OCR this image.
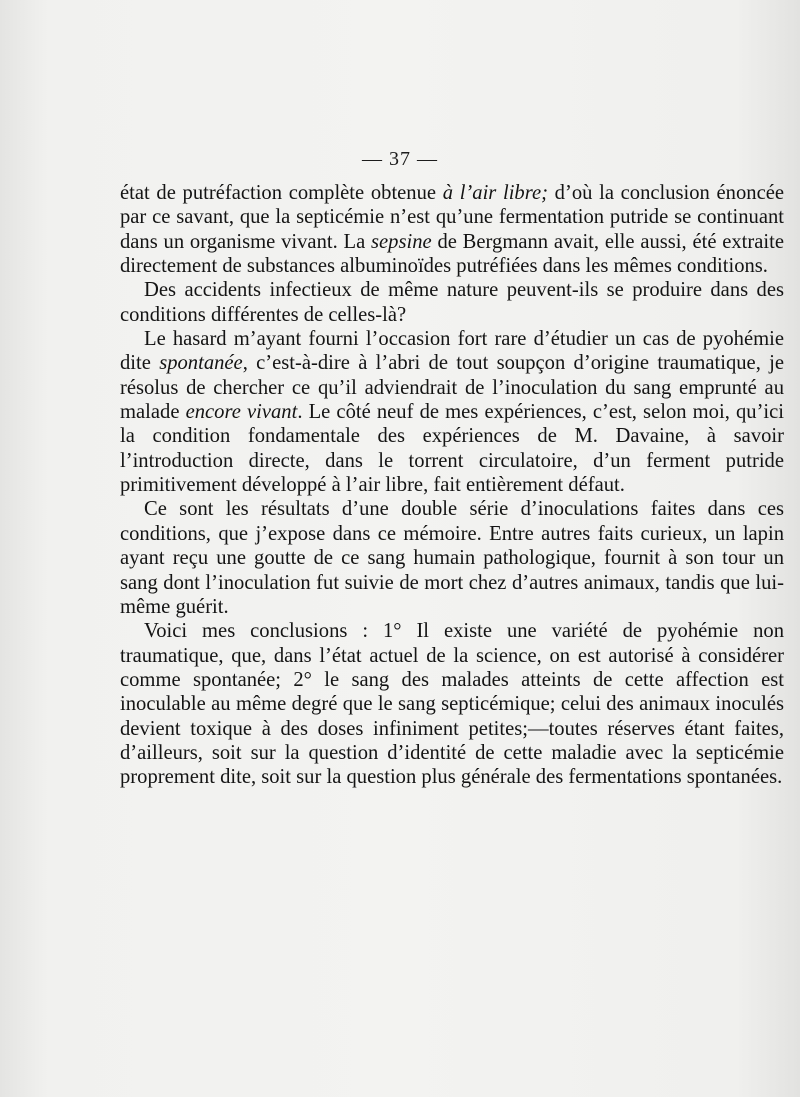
— 37 —

état de putréfaction complète obtenue à l’air libre; d’où la conclusion énoncée par ce savant, que la septicémie n’est qu’une fermentation putride se continuant dans un organisme vivant. La sepsine de Bergmann avait, elle aussi, été extraite directement de substances albuminoïdes putréfiées dans les mêmes conditions.

Des accidents infectieux de même nature peuvent-ils se produire dans des conditions différentes de celles-là?

Le hasard m’ayant fourni l’occasion fort rare d’étudier un cas de pyohémie dite spontanée, c’est-à-dire à l’abri de tout soupçon d’origine traumatique, je résolus de chercher ce qu’il adviendrait de l’inoculation du sang emprunté au malade encore vivant. Le côté neuf de mes expériences, c’est, selon moi, qu’ici la condition fondamentale des expériences de M. Davaine, à savoir l’introduction directe, dans le torrent circulatoire, d’un ferment putride primitivement développé à l’air libre, fait entièrement défaut.

Ce sont les résultats d’une double série d’inoculations faites dans ces conditions, que j’expose dans ce mémoire. Entre autres faits curieux, un lapin ayant reçu une goutte de ce sang humain pathologique, fournit à son tour un sang dont l’inoculation fut suivie de mort chez d’autres animaux, tandis que lui-même guérit.

Voici mes conclusions : 1° Il existe une variété de pyohémie non traumatique, que, dans l’état actuel de la science, on est autorisé à considérer comme spontanée; 2° le sang des malades atteints de cette affection est inoculable au même degré que le sang septicémique; celui des animaux inoculés devient toxique à des doses infiniment petites;—toutes réserves étant faites, d’ailleurs, soit sur la question d’identité de cette maladie avec la septicémie proprement dite, soit sur la question plus générale des fermentations spontanées.
